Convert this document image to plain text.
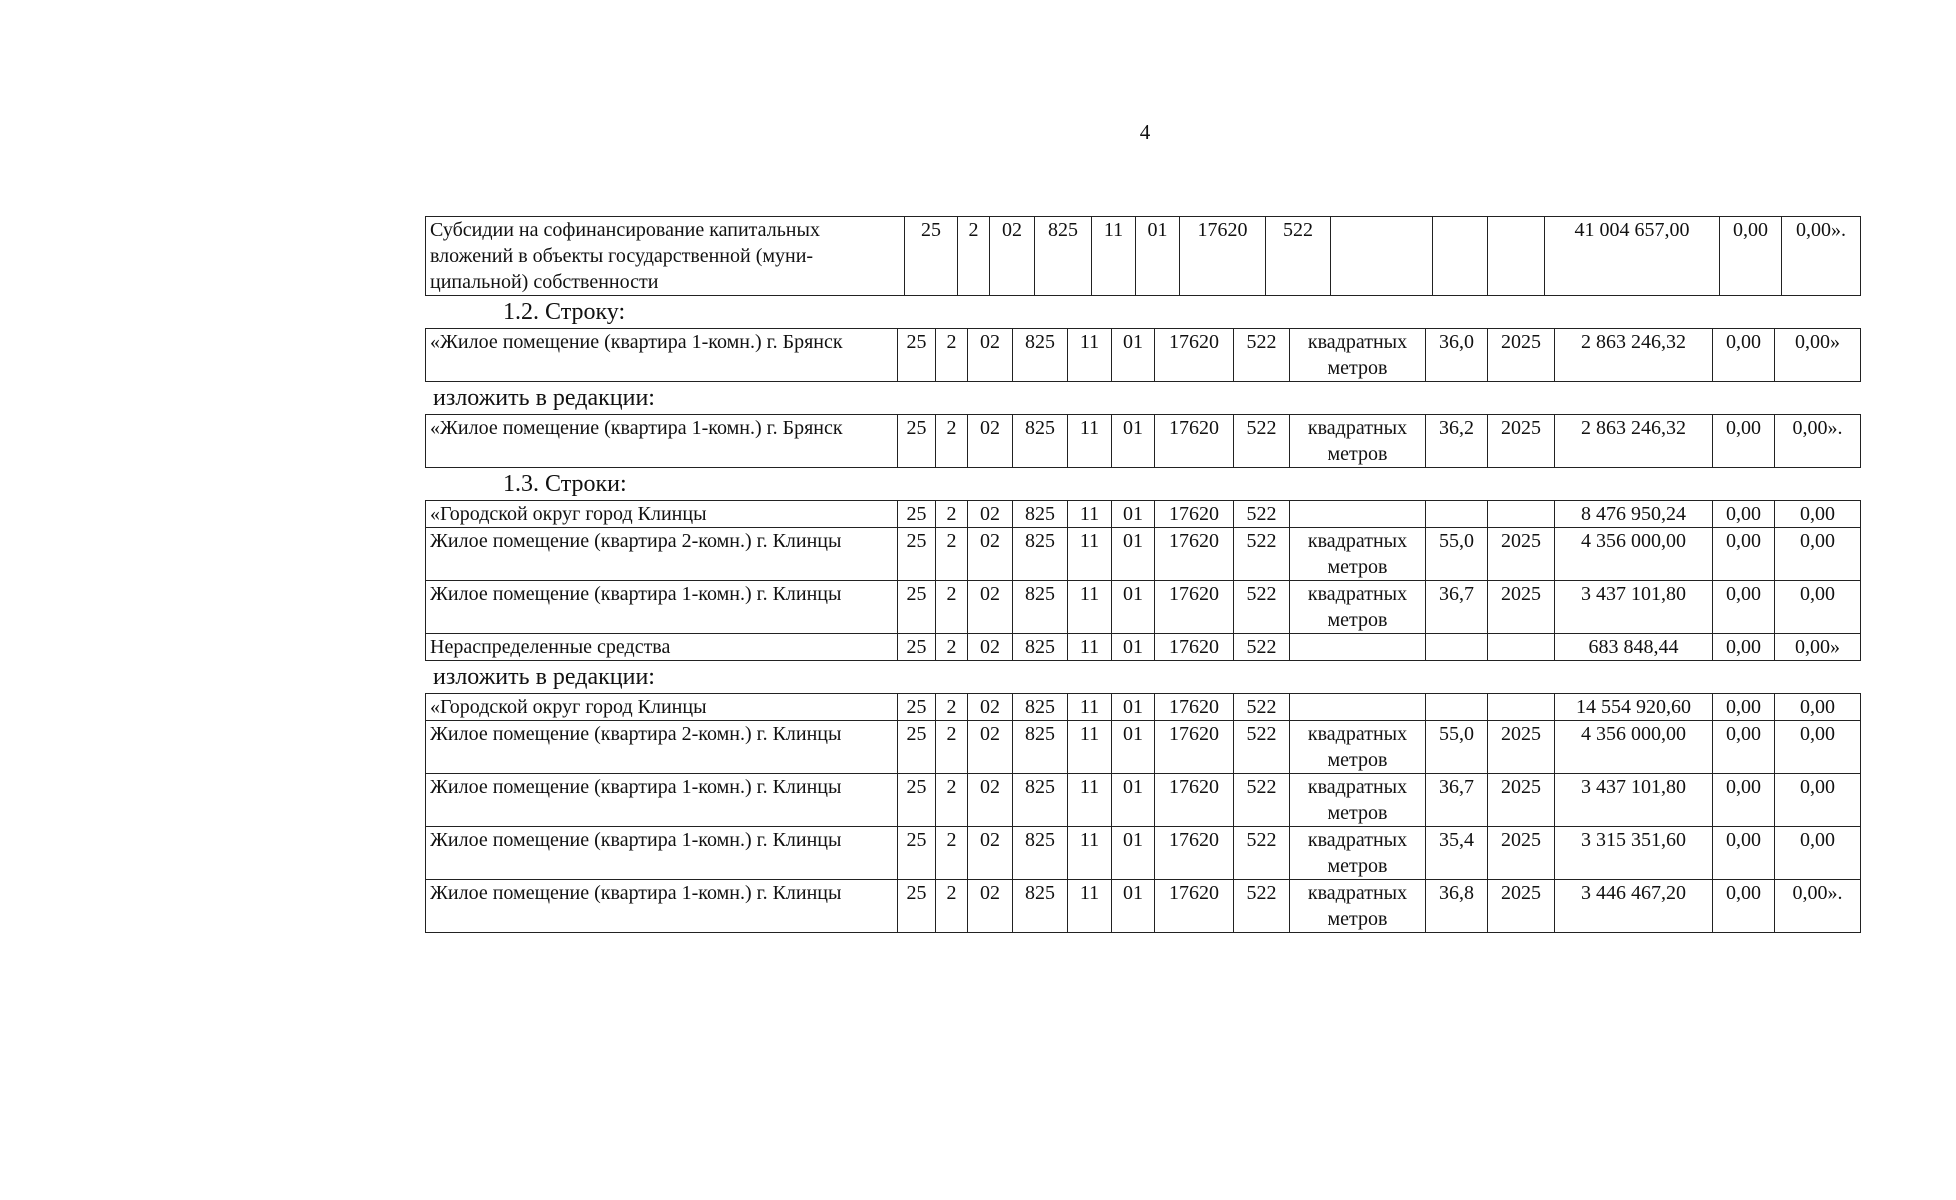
4
Субсидии на софинансирование капитальных вложений в объекты государственной (муни-ципальной) собственности	25	2	02	825	11	01	17620	522				41 004 657,00	0,00	0,00».
1.2. Строку:
«Жилое помещение (квартира 1-комн.) г. Брянск	25	2	02	825	11	01	17620	522	квадратных метров	36,0	2025	2 863 246,32	0,00	0,00»
изложить в редакции:
«Жилое помещение (квартира 1-комн.) г. Брянск	25	2	02	825	11	01	17620	522	квадратных метров	36,2	2025	2 863 246,32	0,00	0,00».
1.3. Строки:
«Городской округ город Клинцы	25	2	02	825	11	01	17620	522				8 476 950,24	0,00	0,00
Жилое помещение (квартира 2-комн.) г. Клинцы	25	2	02	825	11	01	17620	522	квадратных метров	55,0	2025	4 356 000,00	0,00	0,00
Жилое помещение (квартира 1-комн.) г. Клинцы	25	2	02	825	11	01	17620	522	квадратных метров	36,7	2025	3 437 101,80	0,00	0,00
Нераспределенные средства	25	2	02	825	11	01	17620	522				683 848,44	0,00	0,00»
изложить в редакции:
«Городской округ город Клинцы	25	2	02	825	11	01	17620	522				14 554 920,60	0,00	0,00
Жилое помещение (квартира 2-комн.) г. Клинцы	25	2	02	825	11	01	17620	522	квадратных метров	55,0	2025	4 356 000,00	0,00	0,00
Жилое помещение (квартира 1-комн.) г. Клинцы	25	2	02	825	11	01	17620	522	квадратных метров	36,7	2025	3 437 101,80	0,00	0,00
Жилое помещение (квартира 1-комн.) г. Клинцы	25	2	02	825	11	01	17620	522	квадратных метров	35,4	2025	3 315 351,60	0,00	0,00
Жилое помещение (квартира 1-комн.) г. Клинцы	25	2	02	825	11	01	17620	522	квадратных метров	36,8	2025	3 446 467,20	0,00	0,00».
